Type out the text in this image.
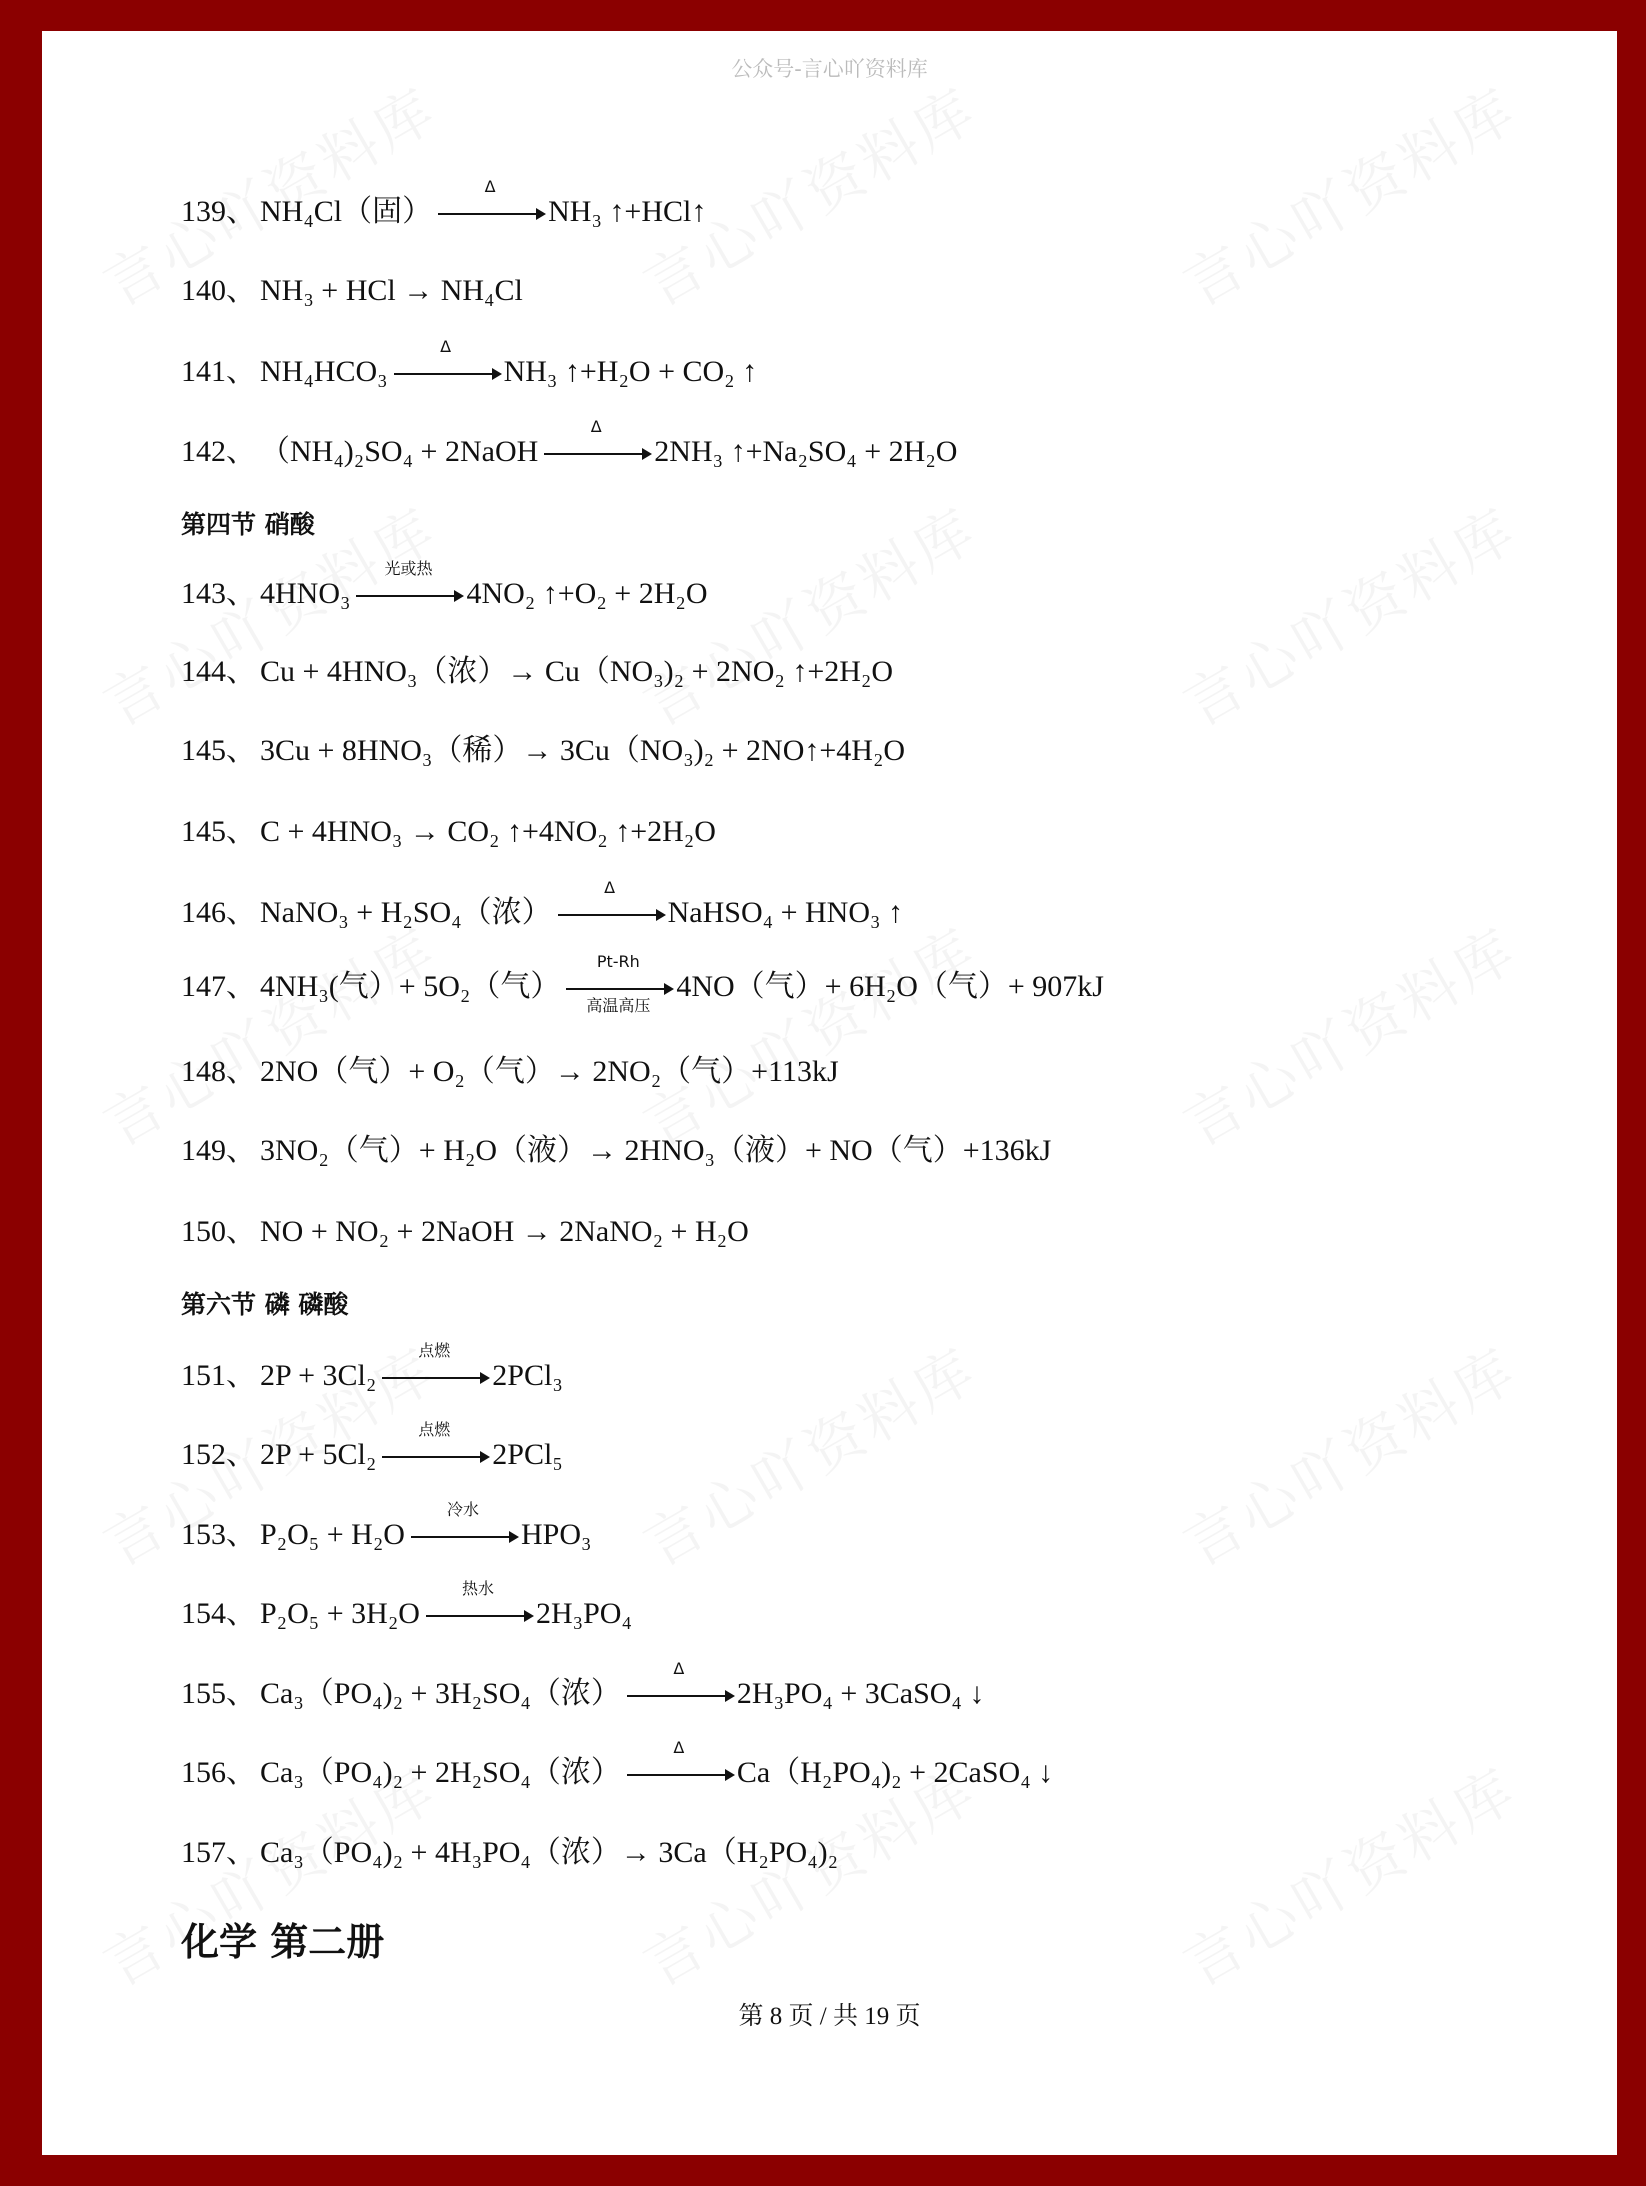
公众号-言心吖资料库
139、 NH₄Cl（固）
Δ
NH₃ ↑+HCl↑
140、 NH₃ + HCl → NH₄Cl
141、 NH₄HCO₃
Δ
NH₃ ↑+H₂O + CO₂ ↑
142、 （NH₄)₂SO₄ + 2NaOH
Δ
2NH₃ ↑+Na₂SO₄ + 2H₂O
143、 4HNO₃
光或热
4NO₂ ↑+O₂ + 2H₂O
144、 Cu + 4HNO₃（浓）→ Cu（NO₃)₂ + 2NO₂ ↑+2H₂O
145、 3Cu + 8HNO₃（稀）→ 3Cu（NO₃)₂ + 2NO↑+4H₂O
145、 C + 4HNO₃ → CO₂ ↑+4NO₂ ↑+2H₂O
146、 NaNO₃ + H₂SO₄（浓）
Δ
NaHSO₄ + HNO₃ ↑
147、 4NH₃(气）+ 5O₂（气）
Pt-Rh
高温高压
4NO（气）+ 6H₂O（气）+ 907kJ
148、 2NO（气）+ O₂（气）→ 2NO₂（气）+113kJ
149、 3NO₂（气）+ H₂O（液）→ 2HNO₃（液）+ NO（气）+136kJ
150、 NO + NO₂ + 2NaOH → 2NaNO₂ + H₂O
151、 2P + 3Cl₂
点燃
2PCl₃
152、 2P + 5Cl₂
点燃
2PCl₅
153、 P₂O₅ + H₂O
冷水
HPO₃
154、 P₂O₅ + 3H₂O
热水
2H₃PO₄
155、 Ca₃（PO₄)₂ + 3H₂SO₄（浓）
Δ
2H₃PO₄ + 3CaSO₄ ↓
156、 Ca₃（PO₄)₂ + 2H₂SO₄（浓）
Δ
Ca（H₂PO₄)₂ + 2CaSO₄ ↓
157、 Ca₃（PO₄)₂ + 4H₃PO₄（浓）→ 3Ca（H₂PO₄)₂
第四节 硝酸
第六节 磷 磷酸
化学 第二册
第 8 页 / 共 19 页
